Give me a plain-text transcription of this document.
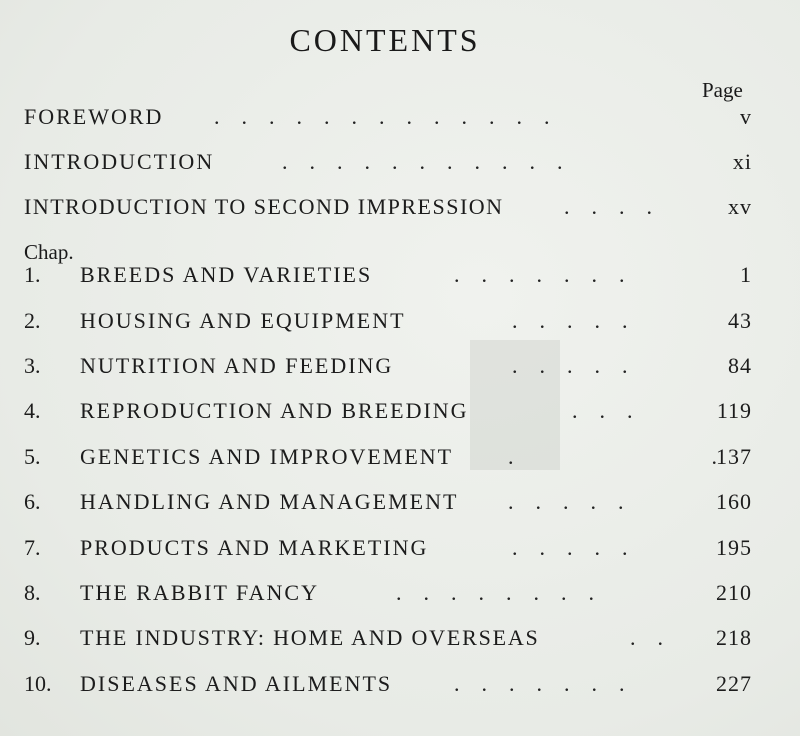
CONTENTS
Page
FOREWORD .    .    .    .    .    .    .    .    .    .    .    .    .	v
INTRODUCTION	.    .    .    .    .    .    .    .    .    .    .	xi
INTRODUCTION TO SECOND IMPRESSION	.    .    .    .	xv
Chap.
1.	BREEDS AND VARIETIES	.    .    .    .    .    .    .	1
2.	HOUSING AND EQUIPMENT	.    .    .    .    .	43
3.	NUTRITION AND FEEDING	.    .    .    .    .	84
4.	REPRODUCTION AND BREEDING	.    .    .	119
5.	GENETICS AND IMPROVEMENT .                                    . 137
6.	HANDLING AND MANAGEMENT .    .    .    .    .	160
7.	PRODUCTS AND MARKETING	.    .    .    .    .	195
8.	THE RABBIT FANCY	.    .    .    .    .    .    .    .	210
9.	THE INDUSTRY: HOME AND OVERSEAS	.    . 218
10.	DISEASES AND AILMENTS	.    .    .    .    .    .    .	227
